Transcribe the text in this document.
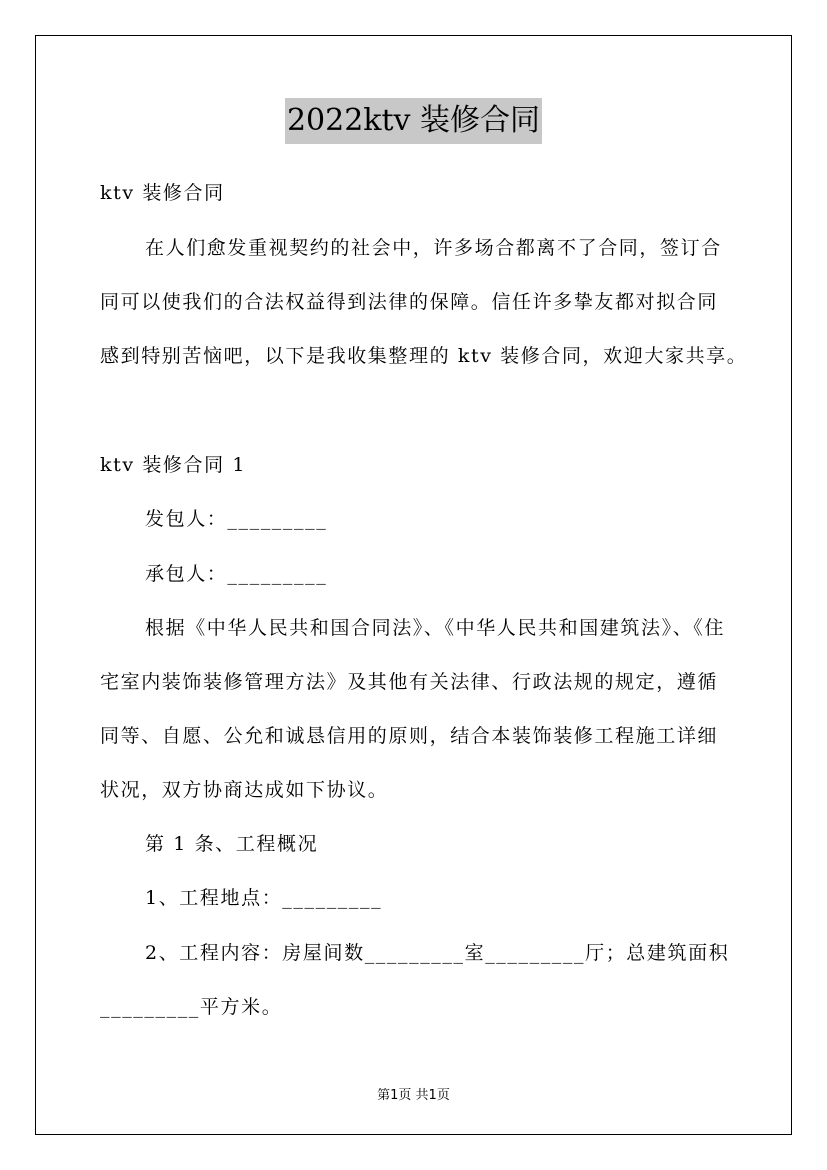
2022ktv 装修合同
ktv 装修合同
在人们愈发重视契约的社会中，许多场合都离不了合同，签订合
同可以使我们的合法权益得到法律的保障。信任许多挚友都对拟合同
感到特别苦恼吧，以下是我收集整理的 ktv 装修合同，欢迎大家共享。
ktv 装修合同 1
发包人：_________
承包人：_________
根据《中华人民共和国合同法》、《中华人民共和国建筑法》、《住
宅室内装饰装修管理方法》及其他有关法律、行政法规的规定，遵循
同等、自愿、公允和诚恳信用的原则，结合本装饰装修工程施工详细
状况，双方协商达成如下协议。
第 1 条、工程概况
1、工程地点：_________
2、工程内容：房屋间数_________室_________厅；总建筑面积
_________平方米。
第1页 共1页
